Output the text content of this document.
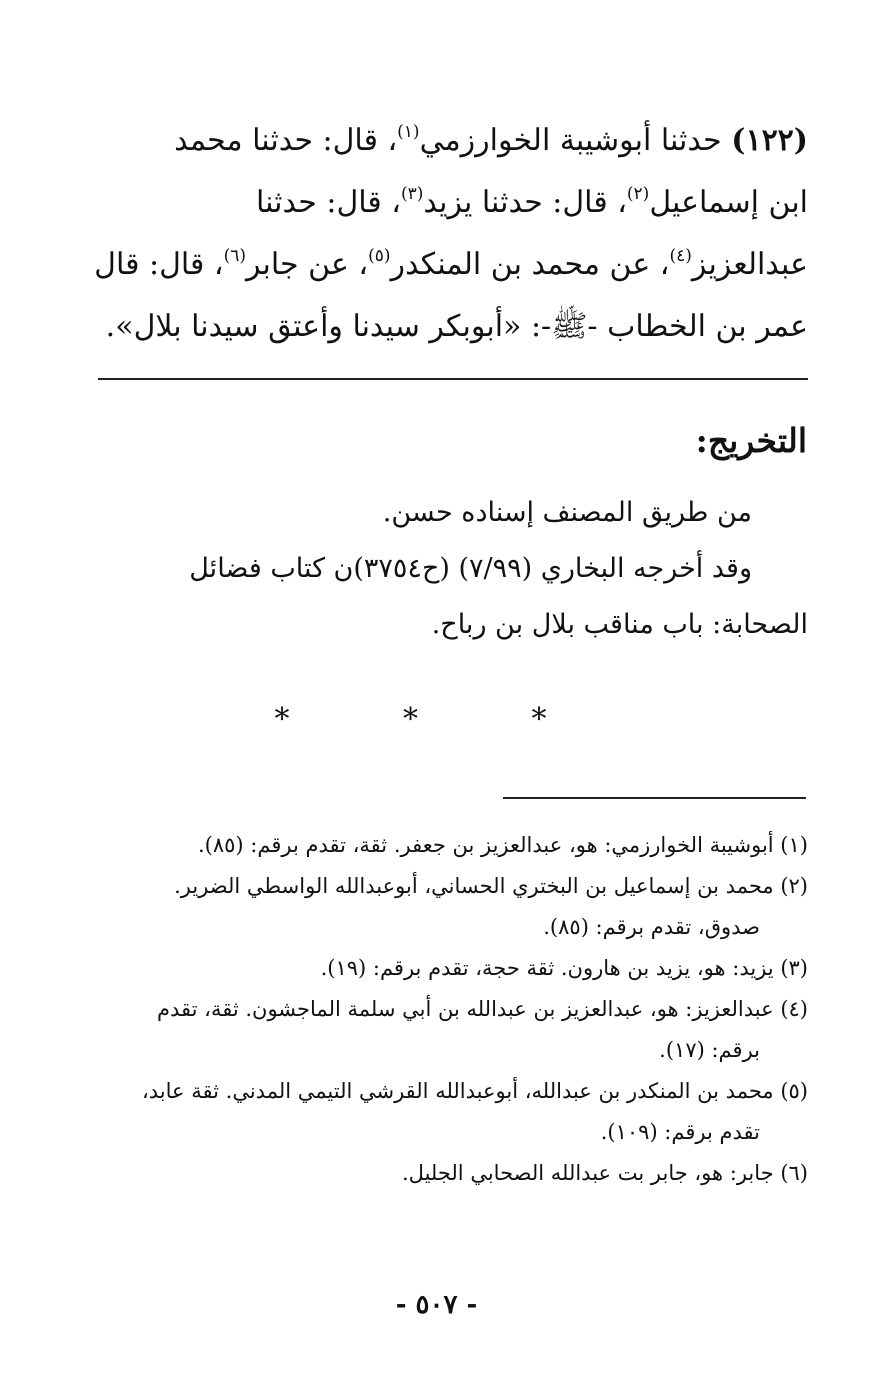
(١٢٢) حدثنا أبوشيبة الخوارزمي$^{(١)}$، قال: حدثنا محمد
ابن إسماعيل$^{(٢)}$، قال: حدثنا يزيد$^{(٣)}$، قال: حدثنا
عبدالعزيز$^{(٤)}$، عن محمد بن المنكدر$^{(٥)}$، عن جابر$^{(٦)}$، قال: قال
عمر بن الخطاب -ﷺ-: «أبوبكر سيدنا وأعتق سيدنا بلال».
التخريج:
من طريق المصنف إسناده حسن.
وقد أخرجه البخاري (٧/٩٩) (ح٣٧٥٤)ن كتاب فضائل
الصحابة: باب مناقب بلال بن رباح.
* * *
(١) أبوشيبة الخوارزمي: هو، عبدالعزيز بن جعفر. ثقة، تقدم برقم: (٨٥).
(٢) محمد بن إسماعيل بن البختري الحساني، أبوعبدالله الواسطي الضرير.
صدوق، تقدم برقم: (٨٥).
(٣) يزيد: هو، يزيد بن هارون. ثقة حجة، تقدم برقم: (١٩).
(٤) عبدالعزيز: هو، عبدالعزيز بن عبدالله بن أبي سلمة الماجشون. ثقة، تقدم
برقم: (١٧).
(٥) محمد بن المنكدر بن عبدالله، أبوعبدالله القرشي التيمي المدني. ثقة عابد،
تقدم برقم: (١٠٩).
(٦) جابر: هو، جابر بت عبدالله الصحابي الجليل.
- ٥٠٧ -
